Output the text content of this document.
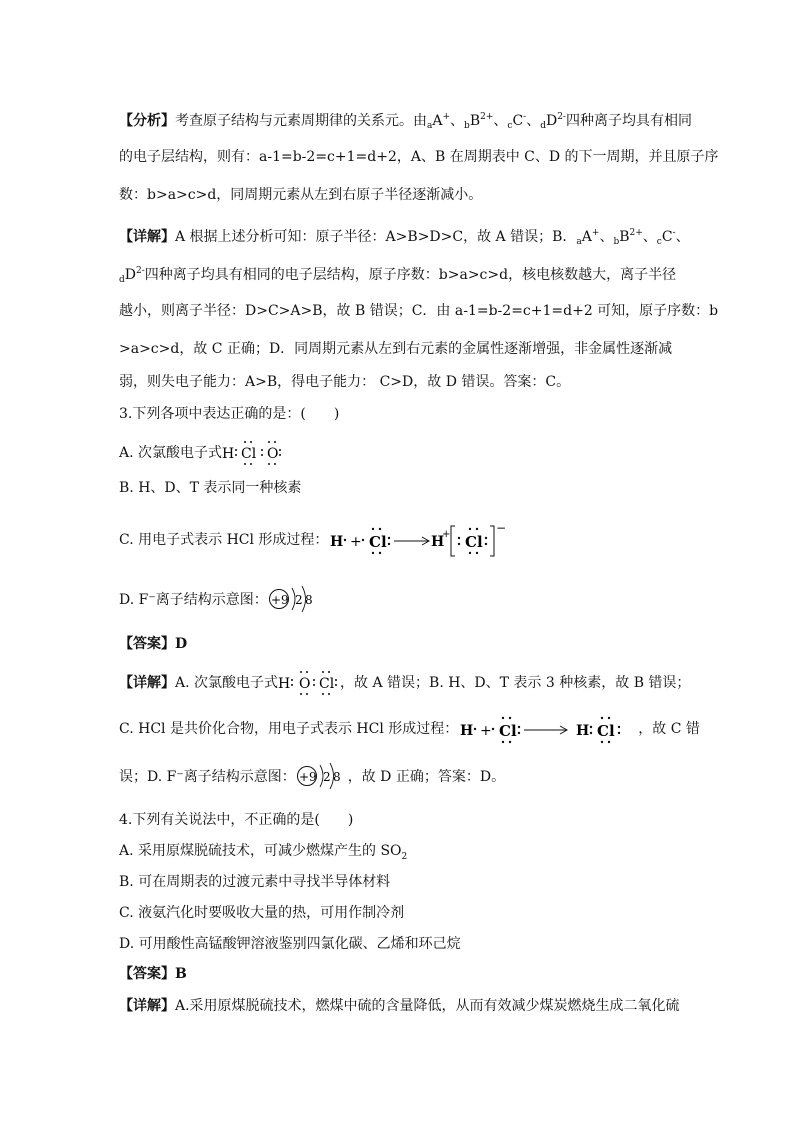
【分析】考查原子结构与元素周期律的关系元。由$_a$A+、$_bB^{2+}$、$_c$C-、$_dD^{2-}$四种离子均具有相同
的电子层结构，则有：a-1=b-2=c+1=d+2，A、B 在周期表中 C、D 的下一周期，并且原子序
数：b>a>c>d，同周期元素从左到右原子半径逐渐减小。
【详解】A 根据上述分析可知：原子半径：A>B>D>C，故 A 错误；B．$_a$A+、$_bB^{2+}$、$_c$C-、
$_dD^{2-}$四种离子均具有相同的电子层结构，原子序数：b>a>c>d，核电核数越大，离子半径
越小，则离子半径：D>C>A>B，故 B 错误；C．由 a-1=b-2=c+1=d+2 可知，原子序数：b
>a>c>d，故 C 正确；D．同周期元素从左到右元素的金属性逐渐增强，非金属性逐渐减
弱，则失电子能力：A>B，得电子能力： C>D，故 D 错误。答案：C。
3.下列各项中表达正确的是：(　　)
A. 次氯酸电子式 H Cl O
B. H、D、T 表示同一种核素
C. 用电子式表示 HCl 形成过程： H + Cl	H
+ Cl
−
D. F⁻离子结构示意图： +9 2 8
【答案】D
【详解】A. 次氯酸电子式 H O Cl ，故 A 错误；B. H、D、T 表示 3 种核素，故 B 错误；
C. HCl 是共价化合物，用电子式表示 HCl 形成过程： H + Cl	H Cl ，故 C 错
误；D. F⁻离子结构示意图： +9 2 8 ，故 D 正确；答案：D。
4.下列有关说法中，不正确的是(　　)
A. 采用原煤脱硫技术，可减少燃煤产生的 $SO_2$
B. 可在周期表的过渡元素中寻找半导体材料
C. 液氨汽化时要吸收大量的热，可用作制冷剂
D. 可用酸性高锰酸钾溶液鉴别四氯化碳、乙烯和环己烷
【答案】B
【详解】A.采用原煤脱硫技术，燃煤中硫的含量降低，从而有效减少煤炭燃烧生成二氧化硫
